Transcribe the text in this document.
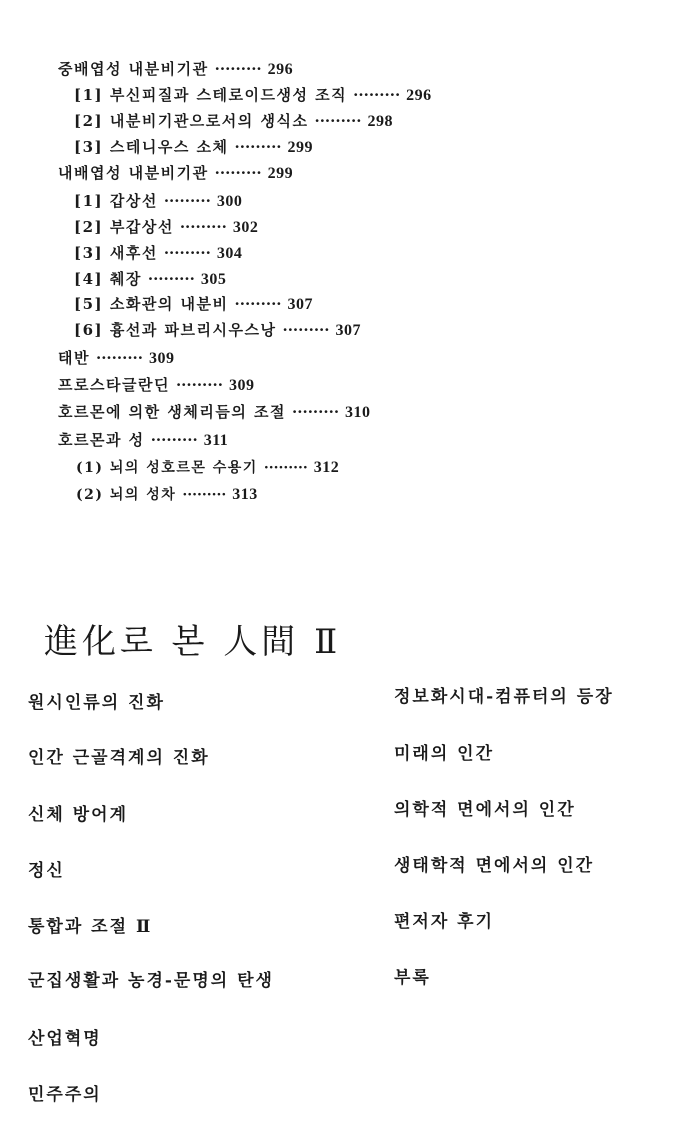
중배엽성 내분비기관 ········· 296
[1] 부신피질과 스테로이드생성 조직 ········· 296
[2] 내분비기관으로서의 생식소 ········· 298
[3] 스테니우스 소체 ········· 299
내배엽성 내분비기관 ········· 299
[1] 갑상선 ········· 300
[2] 부갑상선 ········· 302
[3] 새후선 ········· 304
[4] 췌장 ········· 305
[5] 소화관의 내분비 ········· 307
[6] 흉선과 파브리시우스낭 ········· 307
태반 ········· 309
프로스타글란딘 ········· 309
호르몬에 의한 생체리듬의 조절 ········· 310
호르몬과 성 ········· 311
(1) 뇌의 성호르몬 수용기 ········· 312
(2) 뇌의 성차 ········· 313
進化로 본 人間 Ⅱ
원시인류의 진화
인간 근골격계의 진화
신체 방어계
정신
통합과 조절 Ⅱ
군집생활과 농경-문명의 탄생
산업혁명
민주주의
정보화시대-컴퓨터의 등장
미래의 인간
의학적 면에서의 인간
생태학적 면에서의 인간
편저자 후기
부록
